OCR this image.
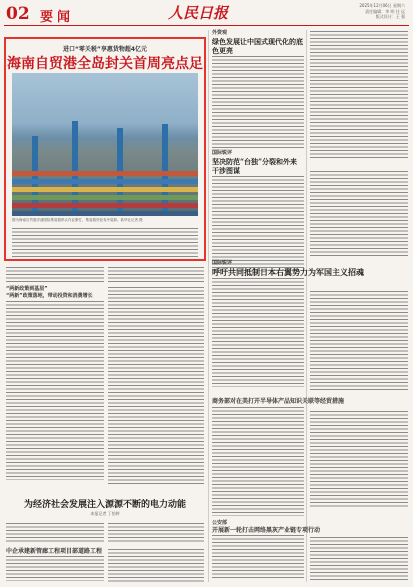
02 要闻	人民日报	2025年12月06日 星期六
责任编辑：李 明 任 远
版式设计：王 强
进口“零关税”享惠货物超4亿元
海南自贸港全岛封关首周亮点足
图为海南自贸港洋浦国际集装箱码头作业繁忙，集装箱货轮有序装卸。新华社记者 摄
“两新政策到基层”
“两新”政策落地，带动投资和消费增长
为经济社会发展注入源源不断的电力动能
本报记者 丁怡婷
中企承建新管廊工程项目部道路工程
外资观
绿色发展让中国式现代化的底色更亮
国际锐评
坚决防范“台独”分裂和外来干涉图谋
国际锐评
呼吁共同抵制日本右翼势力为军国主义招魂
商务部对在美打开半导体产品知识关联等经贸措施
公安部
开展新一轮打击网络黑灰产业链专项行动
